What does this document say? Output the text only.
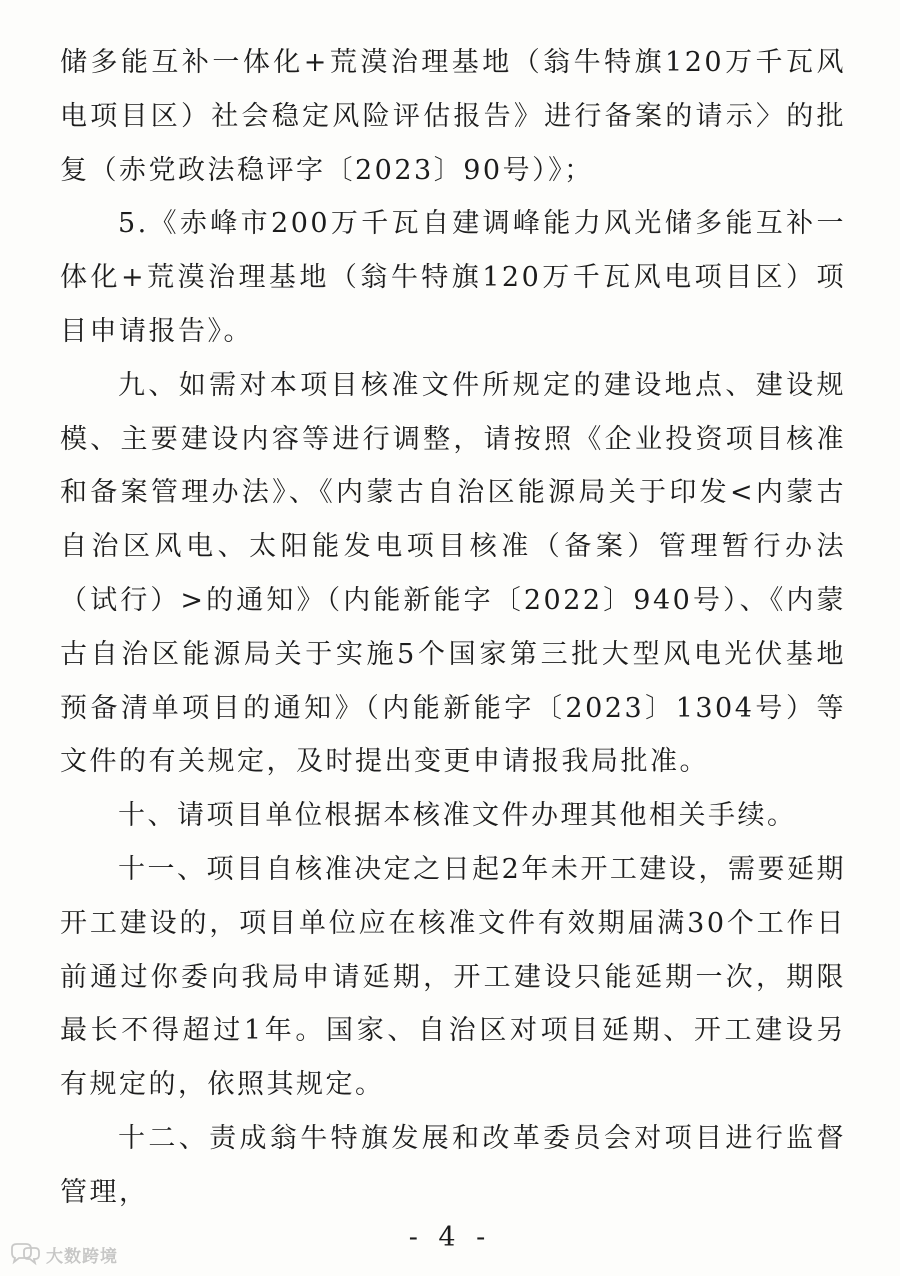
储多能互补一体化+荒漠治理基地（翁牛特旗120万千瓦风电项目区）社会稳定风险评估报告》进行备案的请示〉的批复（赤党政法稳评字〔2023〕90号）》；

5.《赤峰市200万千瓦自建调峰能力风光储多能互补一体化+荒漠治理基地（翁牛特旗120万千瓦风电项目区）项目申请报告》。

九、如需对本项目核准文件所规定的建设地点、建设规模、主要建设内容等进行调整，请按照《企业投资项目核准和备案管理办法》、《内蒙古自治区能源局关于印发<内蒙古自治区风电、太阳能发电项目核准（备案）管理暂行办法（试行）>的通知》（内能新能字〔2022〕940号）、《内蒙古自治区能源局关于实施5个国家第三批大型风电光伏基地预备清单项目的通知》（内能新能字〔2023〕1304号）等文件的有关规定，及时提出变更申请报我局批准。

十、请项目单位根据本核准文件办理其他相关手续。

十一、项目自核准决定之日起2年未开工建设，需要延期开工建设的，项目单位应在核准文件有效期届满30个工作日前通过你委向我局申请延期，开工建设只能延期一次，期限最长不得超过1年。国家、自治区对项目延期、开工建设另有规定的，依照其规定。

十二、责成翁牛特旗发展和改革委员会对项目进行监督管理，

- 4 -
大数跨境
